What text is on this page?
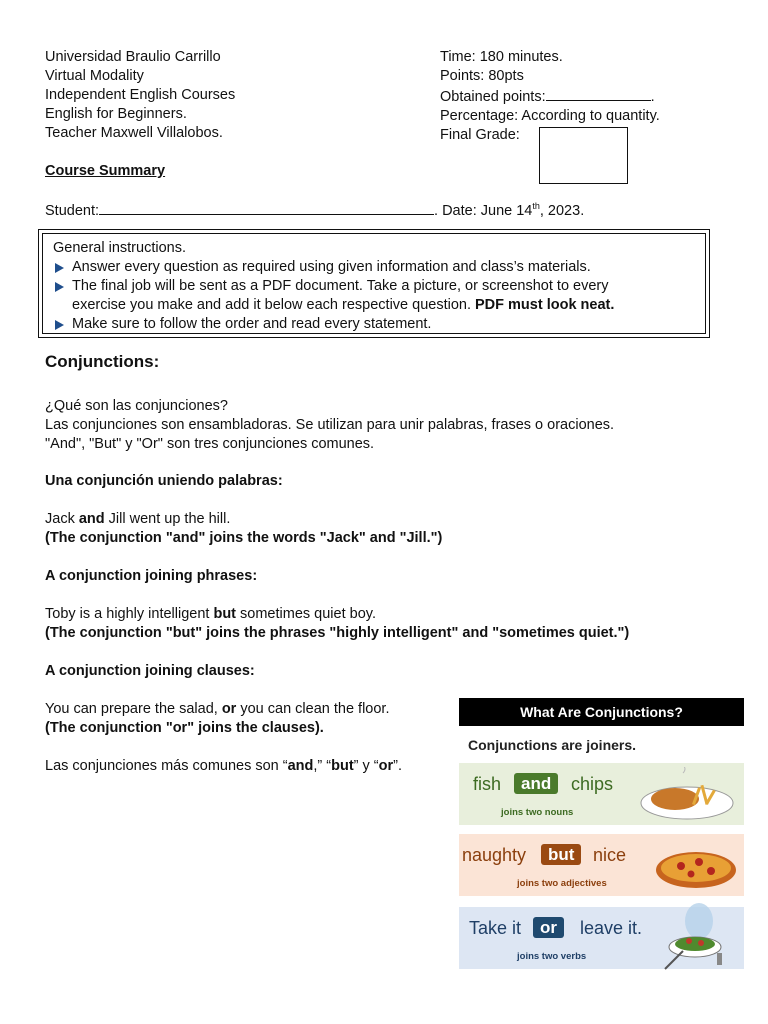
Universidad Braulio Carrillo
Virtual Modality
Independent English Courses
English for Beginners.
Teacher Maxwell Villalobos.
Time: 180 minutes.
Points: 80pts
Obtained points:	.
Percentage: According to quantity.
Final Grade:
Course Summary
Student:	. Date: June 14th, 2023.
General instructions.
Answer every question as required using given information and class’s materials.
The final job will be sent as a PDF document. Take a picture, or screenshot to every
exercise you make and add it below each respective question. PDF must look neat.
Make sure to follow the order and read every statement.
Conjunctions:
¿Qué son las conjunciones?
Las conjunciones son ensambladoras. Se utilizan para unir palabras, frases o oraciones.
"And", "But" y "Or" son tres conjunciones comunes.
Una conjunción uniendo palabras:
Jack and Jill went up the hill.
(The conjunction "and" joins the words "Jack" and "Jill.")
A conjunction joining phrases:
Toby is a highly intelligent but sometimes quiet boy.
(The conjunction "but" joins the phrases "highly intelligent" and "sometimes quiet.")
A conjunction joining clauses:
You can prepare the salad, or you can clean the floor.
(The conjunction "or" joins the clauses).
Las conjunciones más comunes son “and,” “but” y “or”.
What Are Conjunctions?
Conjunctions are joiners.
fish	and	chips
joins two nouns
naughty	but	nice
joins two adjectives
Take it	or	leave it.
joins two verbs
